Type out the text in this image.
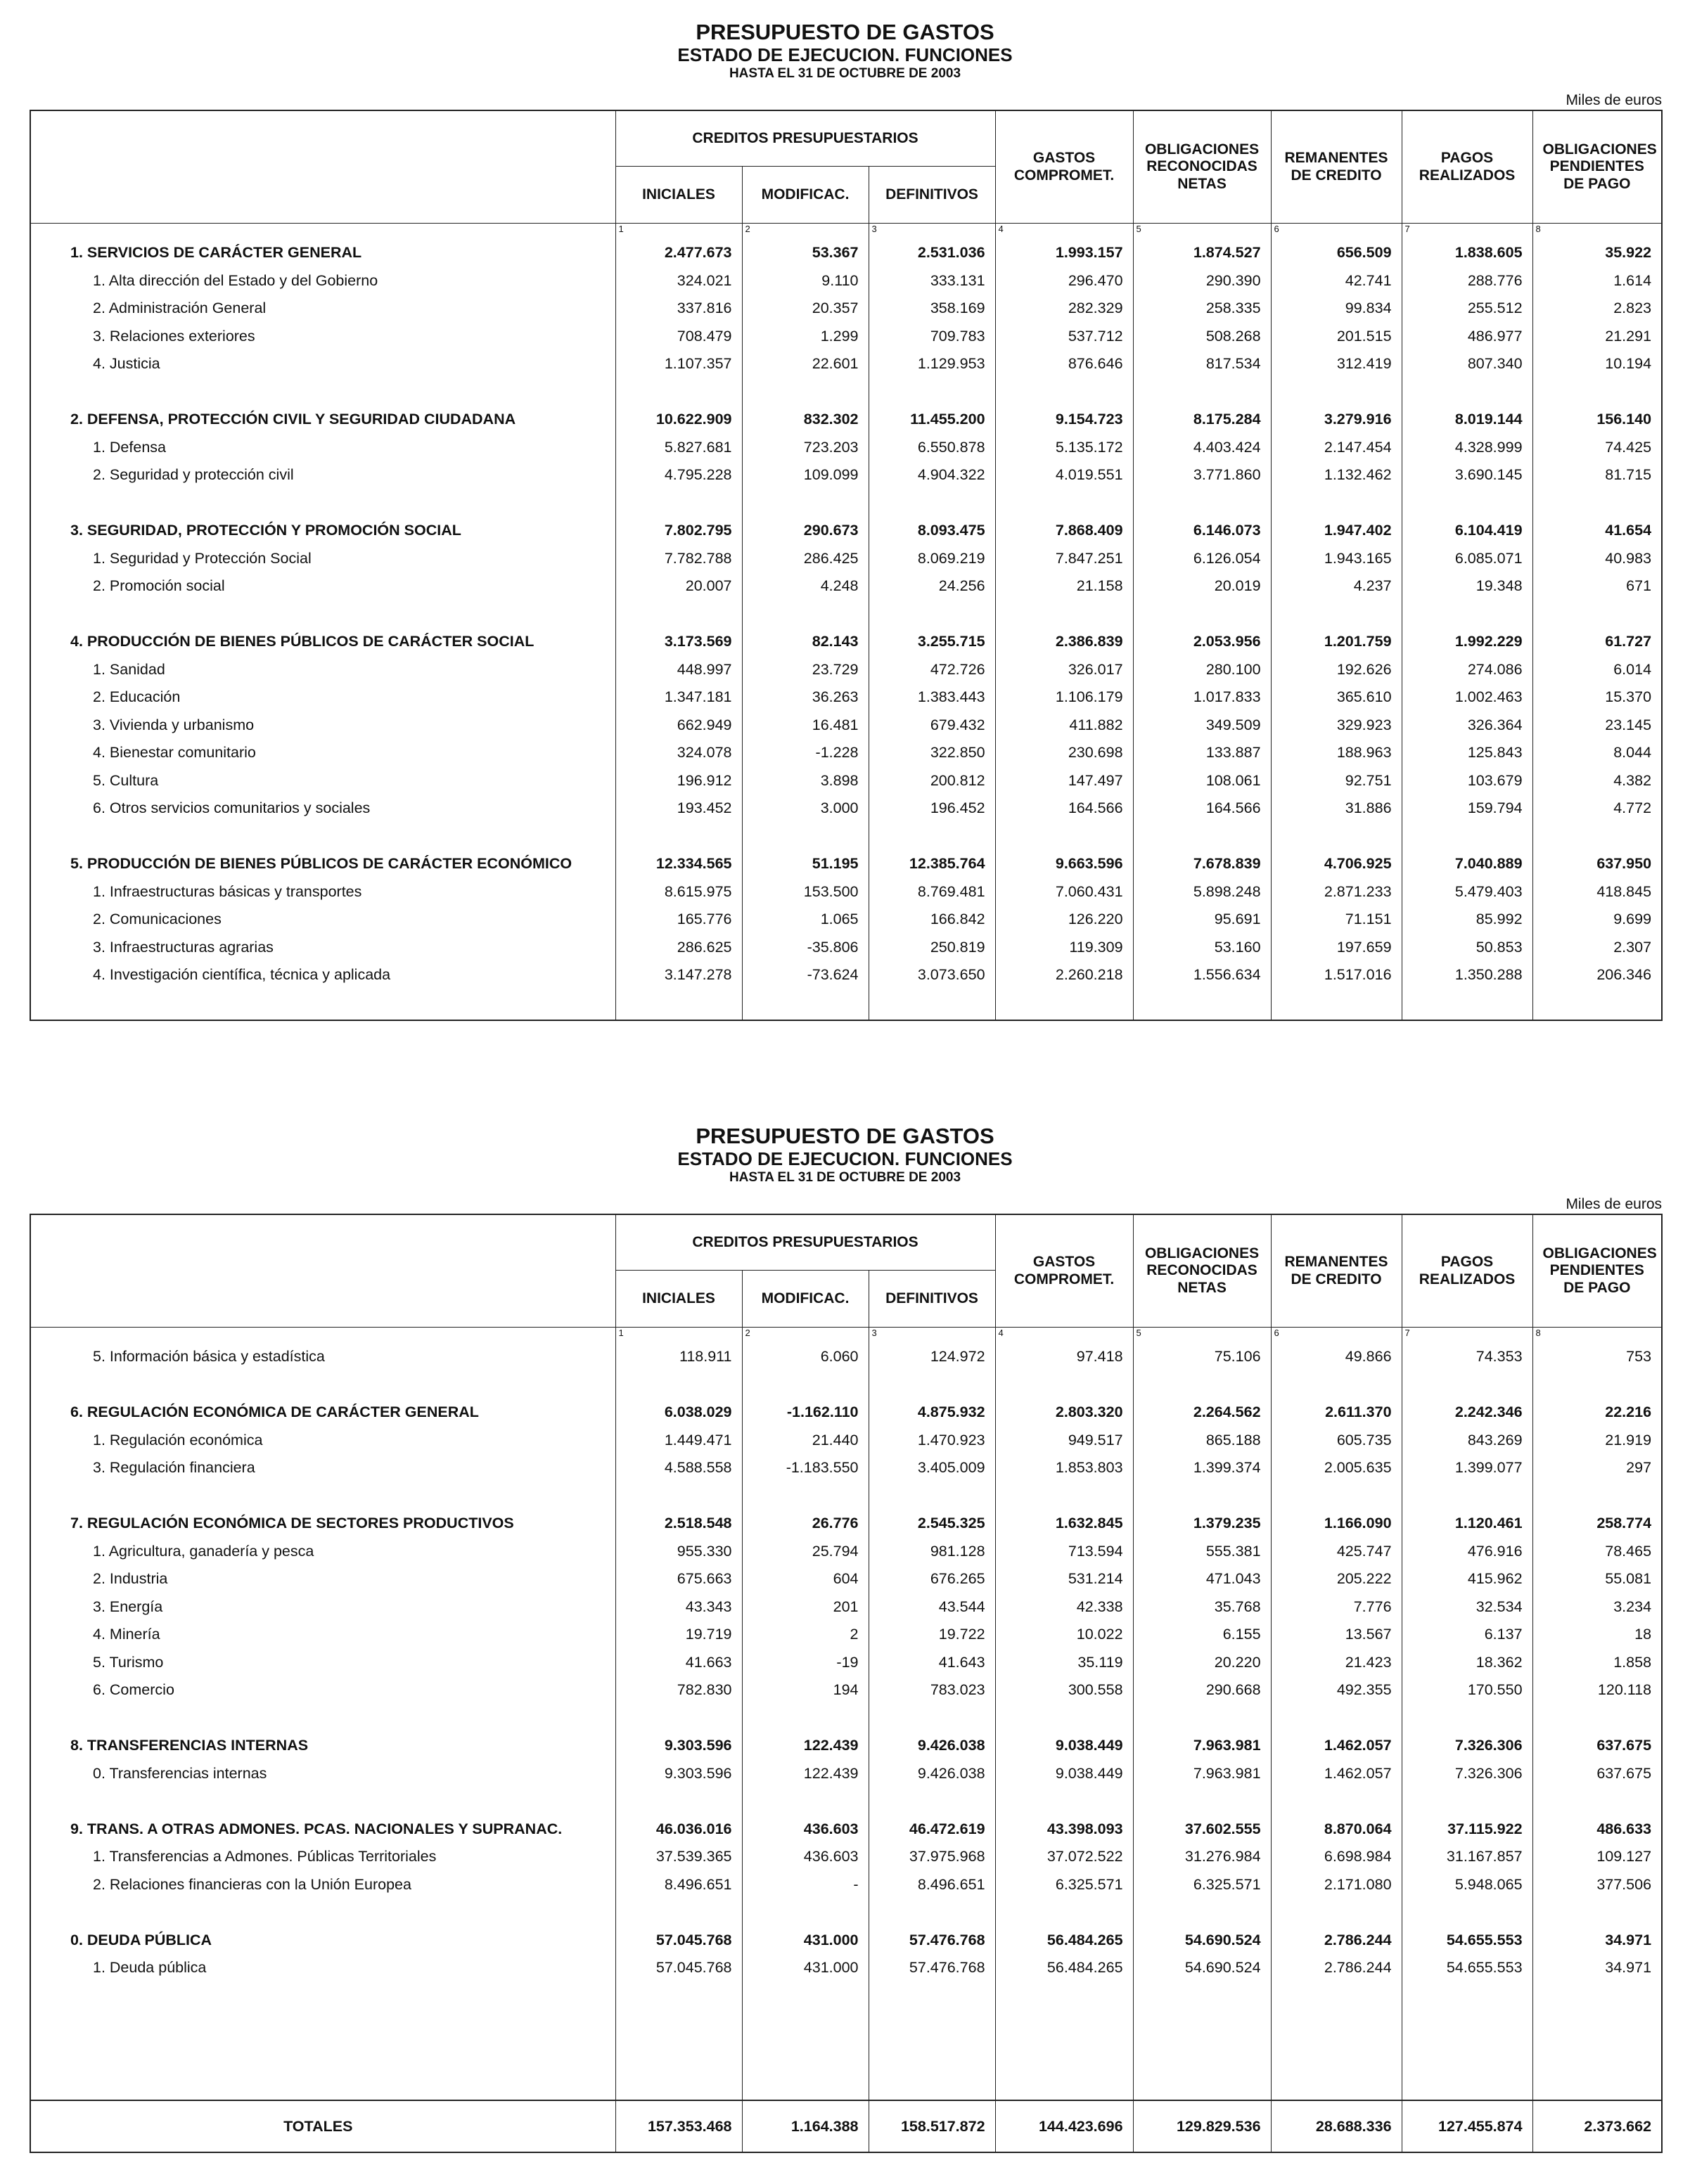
PRESUPUESTO DE GASTOS
ESTADO DE EJECUCION. FUNCIONES
HASTA EL 31 DE OCTUBRE DE 2003
Miles de euros
	CREDITOS PRESUPUESTARIOS			GASTOS COMPROMET.	OBLIGACIONES RECONOCIDAS NETAS	REMANENTES DE CREDITO	PAGOS REALIZADOS	OBLIGACIONES PENDIENTES DE PAGO
	INICIALES	MODIFICAC.	DEFINITIVOS					
	1	2	3	4	5	6	7	8
1. SERVICIOS DE CARÁCTER GENERAL	2.477.673	53.367	2.531.036	1.993.157	1.874.527	656.509	1.838.605	35.922
1. Alta dirección del Estado y del Gobierno	324.021	9.110	333.131	296.470	290.390	42.741	288.776	1.614
2. Administración General	337.816	20.357	358.169	282.329	258.335	99.834	255.512	2.823
3. Relaciones exteriores	708.479	1.299	709.783	537.712	508.268	201.515	486.977	21.291
4. Justicia	1.107.357	22.601	1.129.953	876.646	817.534	312.419	807.340	10.194

2. DEFENSA, PROTECCIÓN CIVIL Y SEGURIDAD CIUDADANA	10.622.909	832.302	11.455.200	9.154.723	8.175.284	3.279.916	8.019.144	156.140
1. Defensa	5.827.681	723.203	6.550.878	5.135.172	4.403.424	2.147.454	4.328.999	74.425
2. Seguridad y protección civil	4.795.228	109.099	4.904.322	4.019.551	3.771.860	1.132.462	3.690.145	81.715

3. SEGURIDAD, PROTECCIÓN Y PROMOCIÓN SOCIAL	7.802.795	290.673	8.093.475	7.868.409	6.146.073	1.947.402	6.104.419	41.654
1. Seguridad y Protección Social	7.782.788	286.425	8.069.219	7.847.251	6.126.054	1.943.165	6.085.071	40.983
2. Promoción social	20.007	4.248	24.256	21.158	20.019	4.237	19.348	671

4. PRODUCCIÓN DE BIENES PÚBLICOS DE CARÁCTER SOCIAL	3.173.569	82.143	3.255.715	2.386.839	2.053.956	1.201.759	1.992.229	61.727
1. Sanidad	448.997	23.729	472.726	326.017	280.100	192.626	274.086	6.014
2. Educación	1.347.181	36.263	1.383.443	1.106.179	1.017.833	365.610	1.002.463	15.370
3. Vivienda y urbanismo	662.949	16.481	679.432	411.882	349.509	329.923	326.364	23.145
4. Bienestar comunitario	324.078	-1.228	322.850	230.698	133.887	188.963	125.843	8.044
5. Cultura	196.912	3.898	200.812	147.497	108.061	92.751	103.679	4.382
6. Otros servicios comunitarios y sociales	193.452	3.000	196.452	164.566	164.566	31.886	159.794	4.772

5. PRODUCCIÓN DE BIENES PÚBLICOS DE CARÁCTER ECONÓMICO	12.334.565	51.195	12.385.764	9.663.596	7.678.839	4.706.925	7.040.889	637.950
1. Infraestructuras básicas y transportes	8.615.975	153.500	8.769.481	7.060.431	5.898.248	2.871.233	5.479.403	418.845
2. Comunicaciones	165.776	1.065	166.842	126.220	95.691	71.151	85.992	9.699
3. Infraestructuras agrarias	286.625	-35.806	250.819	119.309	53.160	197.659	50.853	2.307
4. Investigación científica, técnica y aplicada	3.147.278	-73.624	3.073.650	2.260.218	1.556.634	1.517.016	1.350.288	206.346

PRESUPUESTO DE GASTOS
ESTADO DE EJECUCION. FUNCIONES
HASTA EL 31 DE OCTUBRE DE 2003
Miles de euros
	CREDITOS PRESUPUESTARIOS			GASTOS COMPROMET.	OBLIGACIONES RECONOCIDAS NETAS	REMANENTES DE CREDITO	PAGOS REALIZADOS	OBLIGACIONES PENDIENTES DE PAGO
	INICIALES	MODIFICAC.	DEFINITIVOS					
	1	2	3	4	5	6	7	8
5. Información básica y estadística	118.911	6.060	124.972	97.418	75.106	49.866	74.353	753

6. REGULACIÓN ECONÓMICA DE CARÁCTER GENERAL	6.038.029	-1.162.110	4.875.932	2.803.320	2.264.562	2.611.370	2.242.346	22.216
1. Regulación económica	1.449.471	21.440	1.470.923	949.517	865.188	605.735	843.269	21.919
3. Regulación financiera	4.588.558	-1.183.550	3.405.009	1.853.803	1.399.374	2.005.635	1.399.077	297

7. REGULACIÓN ECONÓMICA DE SECTORES PRODUCTIVOS	2.518.548	26.776	2.545.325	1.632.845	1.379.235	1.166.090	1.120.461	258.774
1. Agricultura, ganadería y pesca	955.330	25.794	981.128	713.594	555.381	425.747	476.916	78.465
2. Industria	675.663	604	676.265	531.214	471.043	205.222	415.962	55.081
3. Energía	43.343	201	43.544	42.338	35.768	7.776	32.534	3.234
4. Minería	19.719	2	19.722	10.022	6.155	13.567	6.137	18
5. Turismo	41.663	-19	41.643	35.119	20.220	21.423	18.362	1.858
6. Comercio	782.830	194	783.023	300.558	290.668	492.355	170.550	120.118

8. TRANSFERENCIAS INTERNAS	9.303.596	122.439	9.426.038	9.038.449	7.963.981	1.462.057	7.326.306	637.675
0. Transferencias internas	9.303.596	122.439	9.426.038	9.038.449	7.963.981	1.462.057	7.326.306	637.675

9. TRANS. A OTRAS ADMONES. PCAS. NACIONALES Y SUPRANAC.	46.036.016	436.603	46.472.619	43.398.093	37.602.555	8.870.064	37.115.922	486.633
1. Transferencias a Admones. Públicas Territoriales	37.539.365	436.603	37.975.968	37.072.522	31.276.984	6.698.984	31.167.857	109.127
2. Relaciones financieras con la Unión Europea	8.496.651	-	8.496.651	6.325.571	6.325.571	2.171.080	5.948.065	377.506

0. DEUDA PÚBLICA	57.045.768	431.000	57.476.768	56.484.265	54.690.524	2.786.244	54.655.553	34.971
1. Deuda pública	57.045.768	431.000	57.476.768	56.484.265	54.690.524	2.786.244	54.655.553	34.971

TOTALES	157.353.468	1.164.388	158.517.872	144.423.696	129.829.536	28.688.336	127.455.874	2.373.662
